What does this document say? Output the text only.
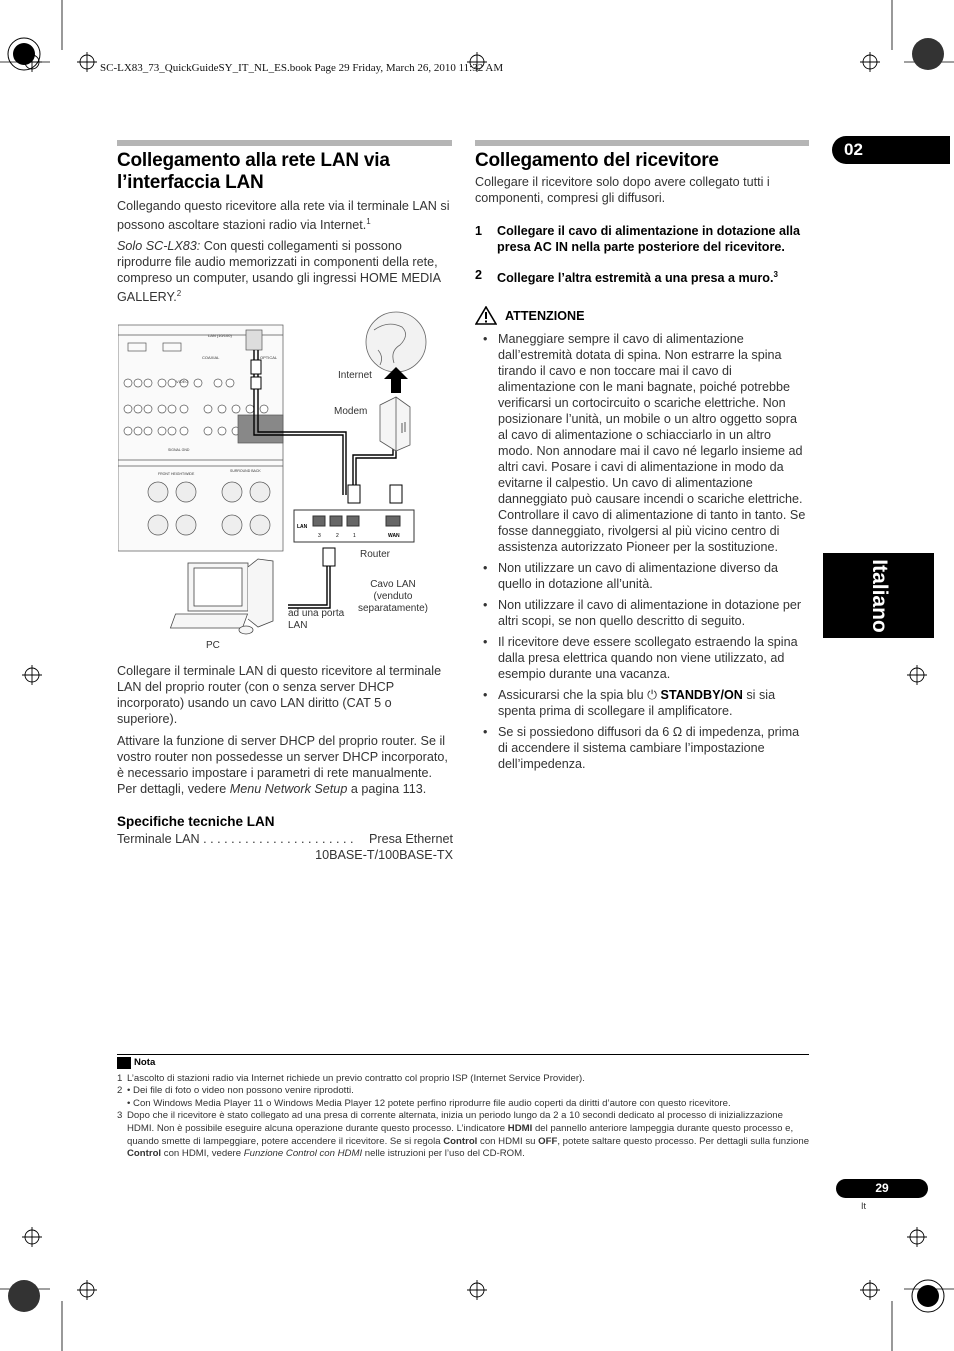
SC-LX83_73_QuickGuideSY_IT_NL_ES.book Page 29 Friday, March 26, 2010 11:32 AM
02
Italiano
Collegamento alla rete LAN via
l’interfaccia LAN

Collegando questo ricevitore alla rete via il terminale LAN si possono ascoltare stazioni radio via Internet.$^1$

Solo SC-LX83: Con questi collegamenti si possono riprodurre file audio memorizzati in componenti della rete, compreso un computer, usando gli ingressi HOME MEDIA GALLERY.$^2$

LAN (10/100)
COAXIAL	OPTICAL
VIDEO
FRONT HEIGHT/WIDE
SURROUND BACK
SIGNAL GND
LAN
WAN
3	2	1
Internet
Modem
Router
Cavo LAN (venduto separatamente)
ad una porta LAN
PC

Collegare il terminale LAN di questo ricevitore al terminale LAN del proprio router (con o senza server DHCP incorporato) usando un cavo LAN diritto (CAT 5 o superiore).

Attivare la funzione di server DHCP del proprio router. Se il vostro router non possedesse un server DHCP incorporato, è necessario impostare i parametri di rete manualmente. Per dettagli, vedere Menu Network Setup a pagina 113.

Specifiche tecniche LAN
Terminale LAN . . . . . . . . . . . . . . . . . . . . . . Presa Ethernet
10BASE-T/100BASE-TX
Collegamento del ricevitore

Collegare il ricevitore solo dopo avere collegato tutti i componenti, compresi gli diffusori.

1	Collegare il cavo di alimentazione in dotazione alla presa AC IN nella parte posteriore del ricevitore.
2	Collegare l’altra estremità a una presa a muro.$^3$
ATTENZIONE
• Maneggiare sempre il cavo di alimentazione dall’estremità dotata di spina. Non estrarre la spina tirando il cavo e non toccare mai il cavo di alimentazione con le mani bagnate, poiché potrebbe verificarsi un cortocircuito o scariche elettriche. Non posizionare l’unità, un mobile o un altro oggetto sopra al cavo di alimentazione o schiacciarlo in un altro modo. Non annodare mai il cavo né legarlo insieme ad altri cavi. Posare i cavi di alimentazione in modo da evitarne il calpestio. Un cavo di alimentazione danneggiato può causare incendi o scariche elettriche. Controllare il cavo di alimentazione di tanto in tanto. Se fosse danneggiato, rivolgersi al più vicino centro di assistenza autorizzato Pioneer per la sostituzione.
• Non utilizzare un cavo di alimentazione diverso da quello in dotazione all’unità.
• Non utilizzare il cavo di alimentazione in dotazione per altri scopi, se non quello descritto di seguito.
• Il ricevitore deve essere scollegato estraendo la spina dalla presa elettrica quando non viene utilizzato, ad esempio durante una vacanza.
• Assicurarsi che la spia blu ⏻ STANDBY/ON si sia spenta prima di scollegare il amplificatore.
• Se si possiedono diffusori da 6 Ω di impedenza, prima di accendere il sistema cambiare l’impostazione dell’impedenza.
Nota
1 L’ascolto di stazioni radio via Internet richiede un previo contratto col proprio ISP (Internet Service Provider).
2 • Dei file di foto o video non possono venire riprodotti.
• Con Windows Media Player 11 o Windows Media Player 12 potete perfino riprodurre file audio coperti da diritti d’autore con questo ricevitore.
3 Dopo che il ricevitore è stato collegato ad una presa di corrente alternata, inizia un periodo lungo da 2 a 10 secondi dedicato al processo di inizializzazione HDMI. Non è possibile eseguire alcuna operazione durante questo processo. L’indicatore HDMI del pannello anteriore lampeggia durante questo processo e, quando smette di lampeggiare, potere accendere il ricevitore. Se si regola Control con HDMI su OFF, potete saltare questo processo. Per dettagli sulla funzione Control con HDMI, vedere Funzione Control con HDMI nelle istruzioni per l’uso del CD-ROM.
29
It
